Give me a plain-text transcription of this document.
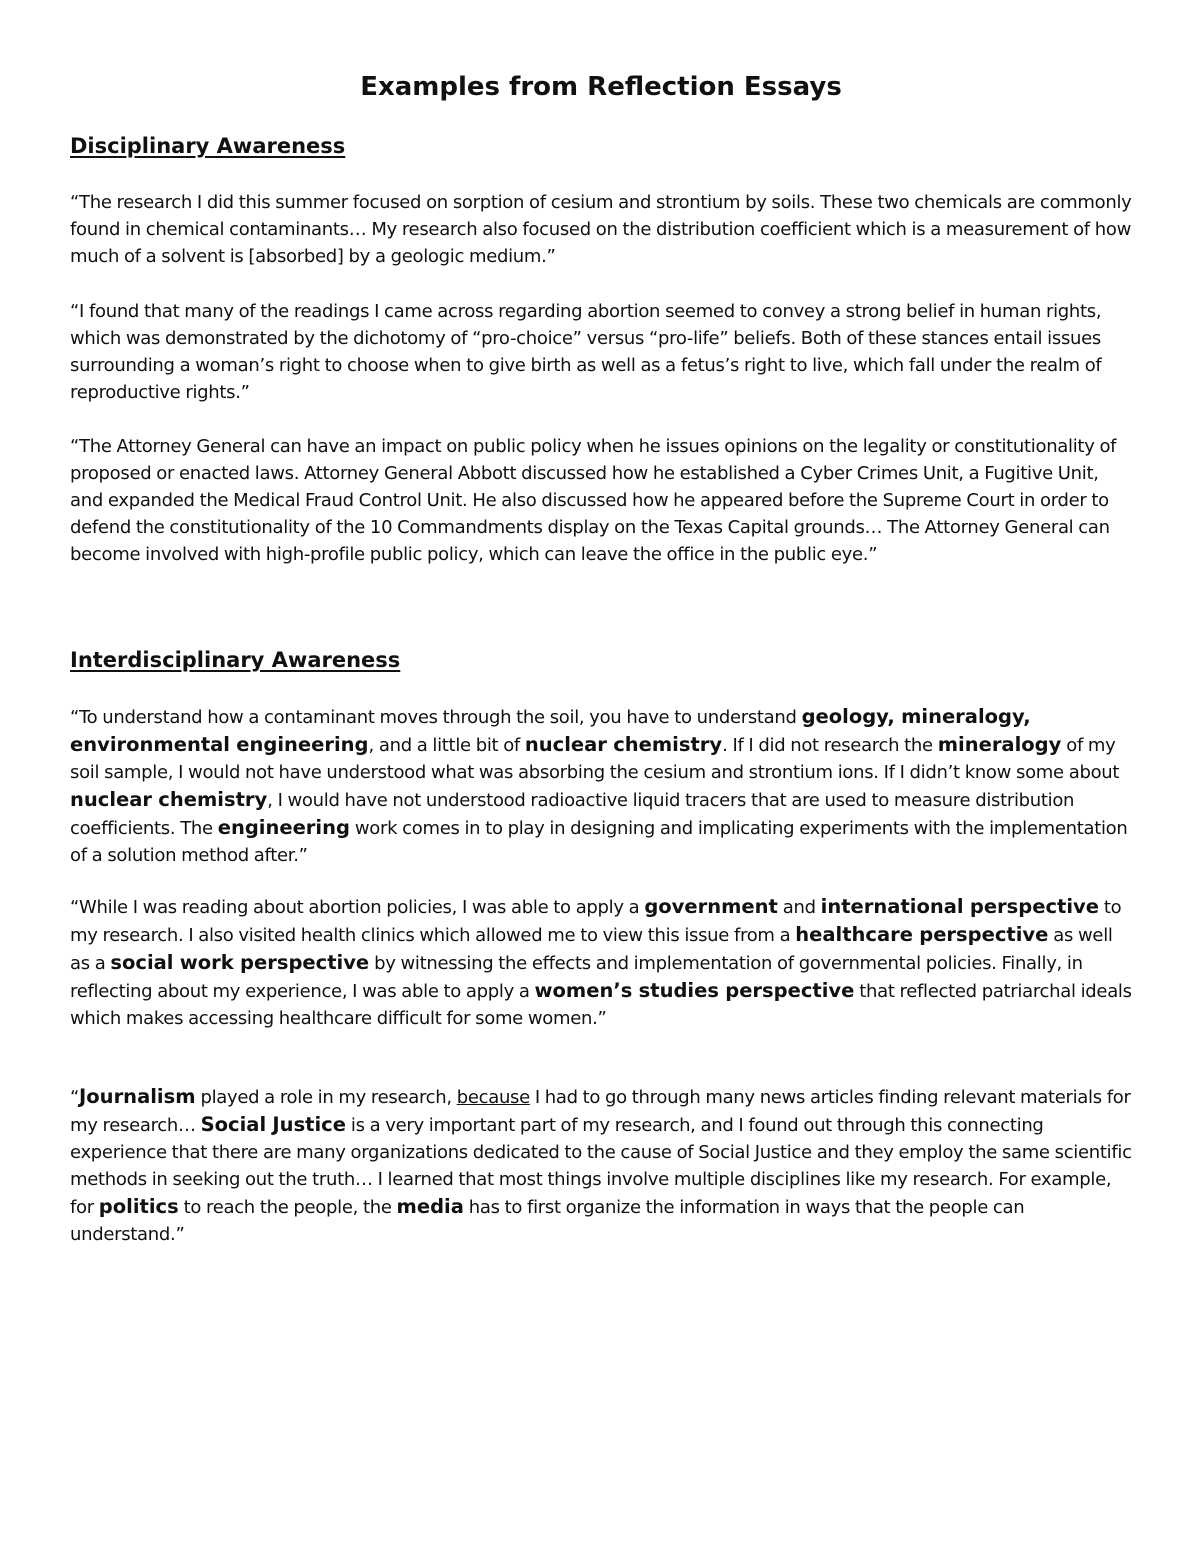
Examples from Reflection Essays
Disciplinary Awareness

“The research I did this summer focused on sorption of cesium and strontium by soils. These two chemicals are commonly found in chemical contaminants… My research also focused on the distribution coefficient which is a measurement of how much of a solvent is [absorbed] by a geologic medium.”

“I found that many of the readings I came across regarding abortion seemed to convey a strong belief in human rights, which was demonstrated by the dichotomy of “pro-choice” versus “pro-life” beliefs. Both of these stances entail issues surrounding a woman’s right to choose when to give birth as well as a fetus’s right to live, which fall under the realm of reproductive rights.”

“The Attorney General can have an impact on public policy when he issues opinions on the legality or constitutionality of proposed or enacted laws. Attorney General Abbott discussed how he established a Cyber Crimes Unit, a Fugitive Unit, and expanded the Medical Fraud Control Unit. He also discussed how he appeared before the Supreme Court in order to defend the constitutionality of the 10 Commandments display on the Texas Capital grounds… The Attorney General can become involved with high-profile public policy, which can leave the office in the public eye.”

Interdisciplinary Awareness

“To understand how a contaminant moves through the soil, you have to understand geology, mineralogy, environmental engineering, and a little bit of nuclear chemistry. If I did not research the mineralogy of my soil sample, I would not have understood what was absorbing the cesium and strontium ions. If I didn’t know some about nuclear chemistry, I would have not understood radioactive liquid tracers that are used to measure distribution coefficients. The engineering work comes in to play in designing and implicating experiments with the implementation of a solution method after.”

“While I was reading about abortion policies, I was able to apply a government and international perspective to my research. I also visited health clinics which allowed me to view this issue from a healthcare perspective as well as a social work perspective by witnessing the effects and implementation of governmental policies. Finally, in reflecting about my experience, I was able to apply a women’s studies perspective that reflected patriarchal ideals which makes accessing healthcare difficult for some women.”

“Journalism played a role in my research, because I had to go through many news articles finding relevant materials for my research… Social Justice is a very important part of my research, and I found out through this connecting experience that there are many organizations dedicated to the cause of Social Justice and they employ the same scientific methods in seeking out the truth… I learned that most things involve multiple disciplines like my research. For example, for politics to reach the people, the media has to first organize the information in ways that the people can understand.”
